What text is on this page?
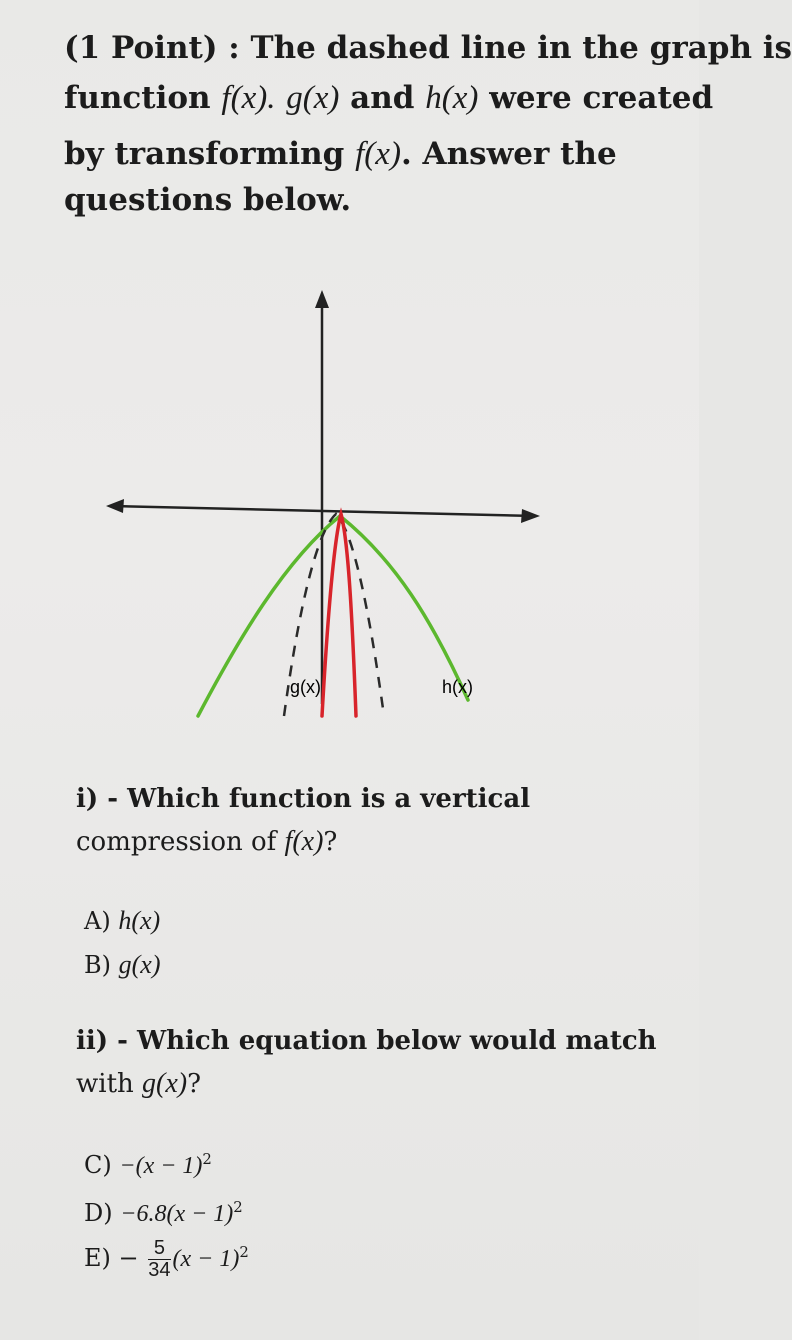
(1 Point) : The dashed line in the graph is
function f(x). g(x) and h(x) were created
by transforming f(x). Answer the
questions below.
g(x)	h(x)
i) - Which function is a vertical
compression of f(x)?
A) h(x)
B) g(x)
ii) - Which equation below would match
with g(x)?
$C) -(x - 1)^2$
$D) -6.8(x - 1)^2$
$E) - \frac{5}{34} (x - 1)^2$
